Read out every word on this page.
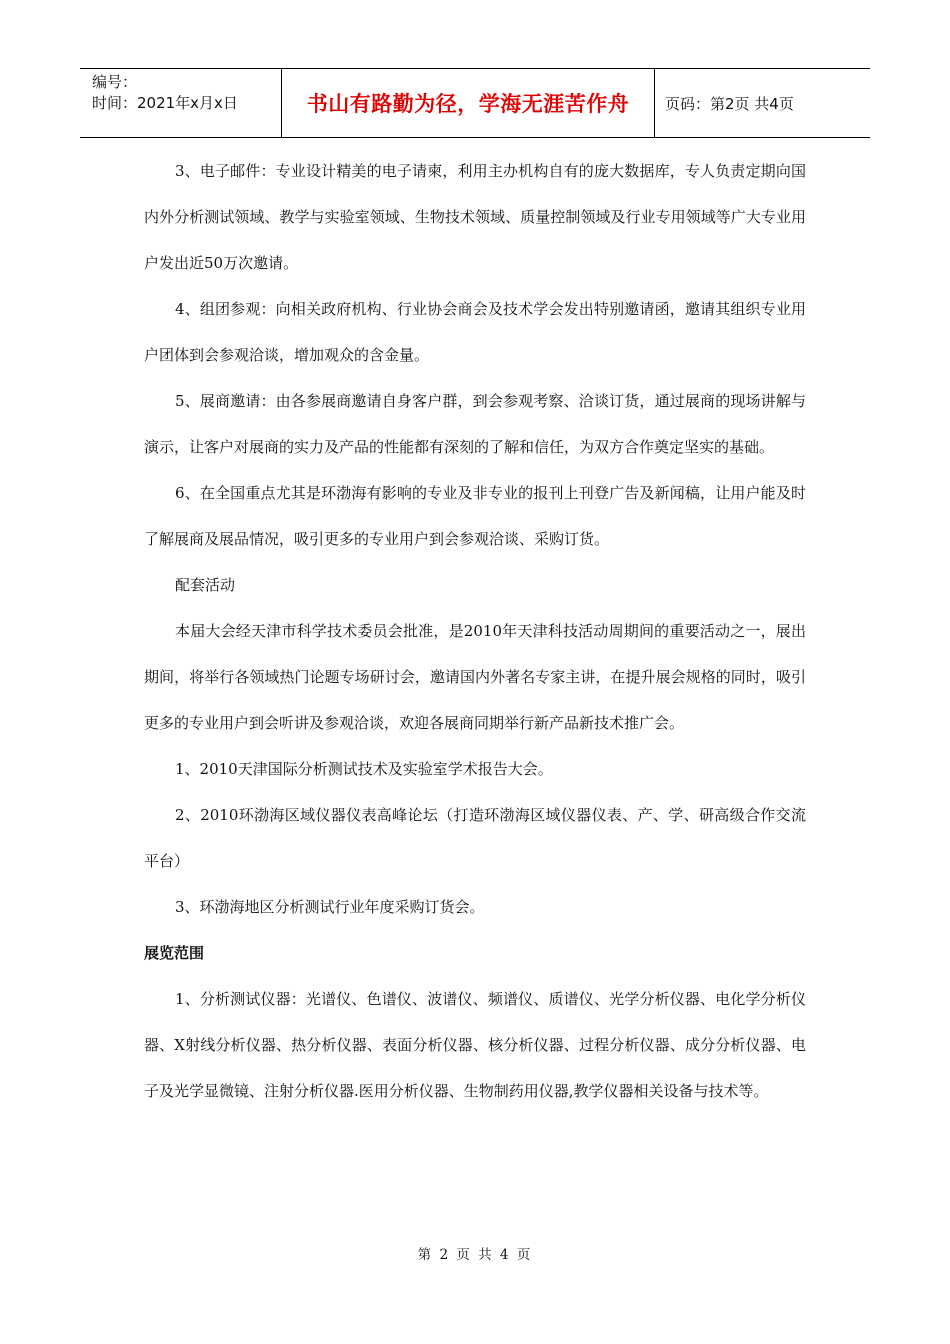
编号：
时间：2021年x月x日	书山有路勤为径，学海无涯苦作舟	页码：第2页 共4页

3、电子邮件：专业设计精美的电子请柬，利用主办机构自有的庞大数据库，专人负责定期向国内外分析测试领域、教学与实验室领域、生物技术领域、质量控制领域及行业专用领域等广大专业用户发出近50万次邀请。

4、组团参观：向相关政府机构、行业协会商会及技术学会发出特别邀请函，邀请其组织专业用户团体到会参观洽谈，增加观众的含金量。

5、展商邀请：由各参展商邀请自身客户群，到会参观考察、洽谈订货，通过展商的现场讲解与演示，让客户对展商的实力及产品的性能都有深刻的了解和信任，为双方合作奠定坚实的基础。

6、在全国重点尤其是环渤海有影响的专业及非专业的报刊上刊登广告及新闻稿，让用户能及时了解展商及展品情况，吸引更多的专业用户到会参观洽谈、采购订货。

配套活动

本届大会经天津市科学技术委员会批准，是2010年天津科技活动周期间的重要活动之一，展出期间，将举行各领域热门论题专场研讨会，邀请国内外著名专家主讲，在提升展会规格的同时，吸引更多的专业用户到会听讲及参观洽谈，欢迎各展商同期举行新产品新技术推广会。

1、2010天津国际分析测试技术及实验室学术报告大会。

2、2010环渤海区域仪器仪表高峰论坛（打造环渤海区域仪器仪表、产、学、研高级合作交流平台）

3、环渤海地区分析测试行业年度采购订货会。

展览范围

1、分析测试仪器：光谱仪、色谱仪、波谱仪、频谱仪、质谱仪、光学分析仪器、电化学分析仪器、X射线分析仪器、热分析仪器、表面分析仪器、核分析仪器、过程分析仪器、成分分析仪器、电子及光学显微镜、注射分析仪器.医用分析仪器、生物制药用仪器,教学仪器相关设备与技术等。

第 2 页 共 4 页
